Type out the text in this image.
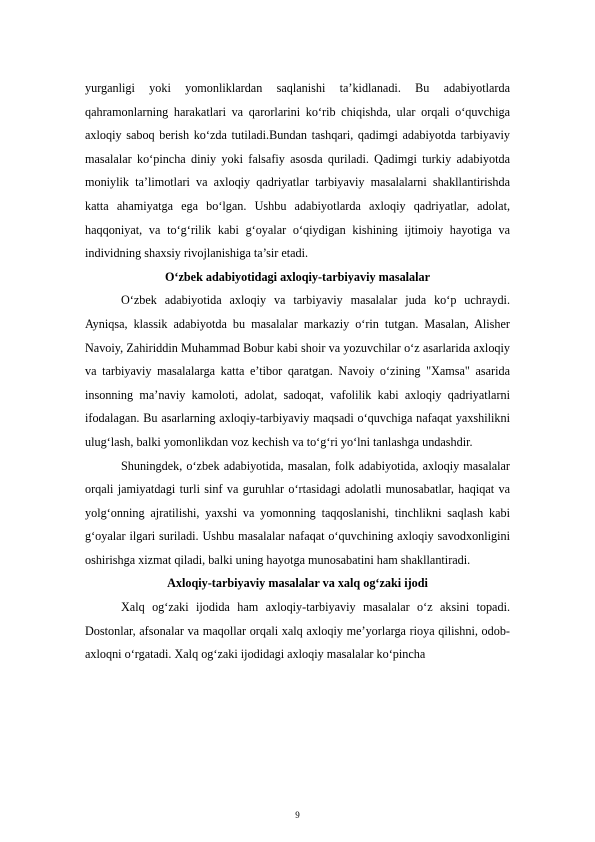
yurganligi yoki yomonliklardan saqlanishi ta’kidlanadi. Bu adabiyotlarda qahramonlarning harakatlari va qarorlarini ko‘rib chiqishda, ular orqali o‘quvchiga axloqiy saboq berish ko‘zda tutiladi.Bundan tashqari, qadimgi adabiyotda tarbiyaviy masalalar ko‘pincha diniy yoki falsafiy asosda quriladi. Qadimgi turkiy adabiyotda moniylik ta’limotlari va axloqiy qadriyatlar tarbiyaviy masalalarni shakllantirishda katta ahamiyatga ega bo‘lgan. Ushbu adabiyotlarda axloqiy qadriyatlar, adolat, haqqoniyat, va to‘g‘rilik kabi g‘oyalar o‘qiydigan kishining ijtimoiy hayotiga va individning shaxsiy rivojlanishiga ta’sir etadi.

O‘zbek adabiyotidagi axloqiy-tarbiyaviy masalalar

O‘zbek adabiyotida axloqiy va tarbiyaviy masalalar juda ko‘p uchraydi. Ayniqsa, klassik adabiyotda bu masalalar markaziy o‘rin tutgan. Masalan, Alisher Navoiy, Zahiriddin Muhammad Bobur kabi shoir va yozuvchilar o‘z asarlarida axloqiy va tarbiyaviy masalalarga katta e’tibor qaratgan. Navoiy o‘zining "Xamsa" asarida insonning ma’naviy kamoloti, adolat, sadoqat, vafolilik kabi axloqiy qadriyatlarni ifodalagan. Bu asarlarning axloqiy-tarbiyaviy maqsadi o‘quvchiga nafaqat yaxshilikni ulug‘lash, balki yomonlikdan voz kechish va to‘g‘ri yo‘lni tanlashga undashdir.

Shuningdek, o‘zbek adabiyotida, masalan, folk adabiyotida, axloqiy masalalar orqali jamiyatdagi turli sinf va guruhlar o‘rtasidagi adolatli munosabatlar, haqiqat va yolg‘onning ajratilishi, yaxshi va yomonning taqqoslanishi, tinchlikni saqlash kabi g‘oyalar ilgari suriladi. Ushbu masalalar nafaqat o‘quvchining axloqiy savodxonligini oshirishga xizmat qiladi, balki uning hayotga munosabatini ham shakllantiradi.

Axloqiy-tarbiyaviy masalalar va xalq og‘zaki ijodi

Xalq og‘zaki ijodida ham axloqiy-tarbiyaviy masalalar o‘z aksini topadi. Dostonlar, afsonalar va maqollar orqali xalq axloqiy me’yorlarga rioya qilishni, odob-axloqni o‘rgatadi. Xalq og‘zaki ijodidagi axloqiy masalalar ko‘pincha

9
